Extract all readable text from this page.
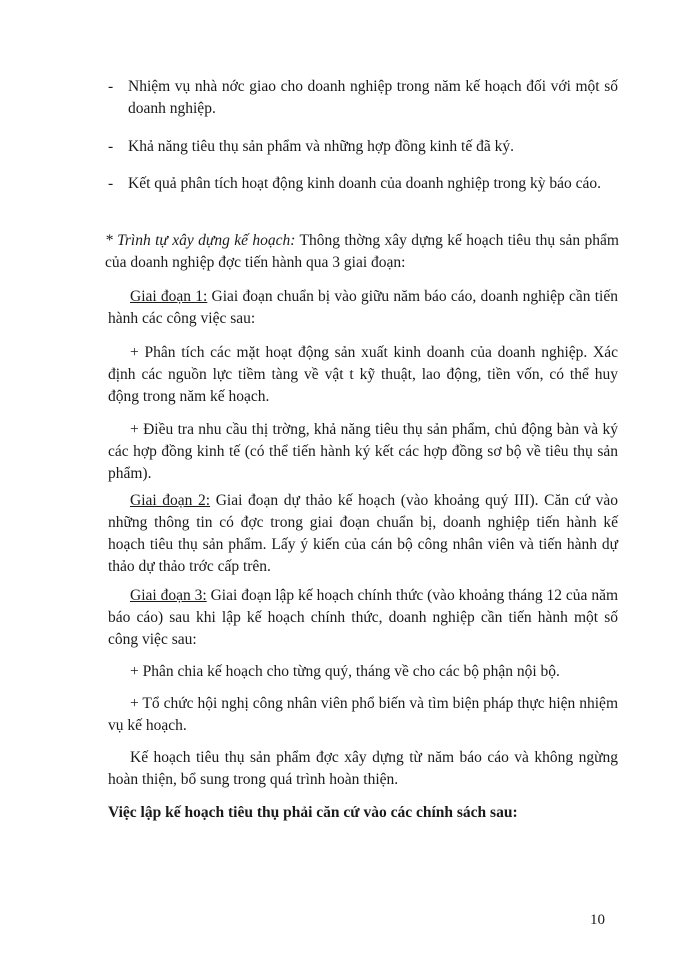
- Nhiệm vụ nhà nớc giao cho doanh nghiệp trong năm kế hoạch đối với một số doanh nghiệp.
- Khả năng tiêu thụ sản phẩm và những hợp đồng kinh tế đã ký.
- Kết quả phân tích hoạt động kinh doanh của doanh nghiệp trong kỳ báo cáo.
* Trình tự xây dựng kế hoạch: Thông thờng xây dựng kế hoạch tiêu thụ sản phẩm của doanh nghiệp đợc tiến hành qua 3 giai đoạn:
Giai đoạn 1: Giai đoạn chuẩn bị vào giữu năm báo cáo, doanh nghiệp cần tiến hành các công việc sau:
+ Phân tích các mặt hoạt động sản xuất kinh doanh của doanh nghiệp. Xác định các nguồn lực tiềm tàng về vật t kỹ thuật, lao động, tiền vốn, có thể huy động trong năm kế hoạch.
+ Điều tra nhu cầu thị trờng, khả năng tiêu thụ sản phẩm, chủ động bàn và ký các hợp đồng kinh tế (có thể tiến hành ký kết các hợp đồng sơ bộ về tiêu thụ sản phẩm).
Giai đoạn 2: Giai đoạn dự thảo kế hoạch (vào khoảng quý III). Căn cứ vào những thông tin có đợc trong giai đoạn chuẩn bị, doanh nghiệp tiến hành kế hoạch tiêu thụ sản phẩm. Lấy ý kiến của cán bộ công nhân viên và tiến hành dự thảo dự thảo trớc cấp trên.
Giai đoạn 3: Giai đoạn lập kế hoạch chính thức (vào khoảng tháng 12 của năm báo cáo) sau khi lập kế hoạch chính thức, doanh nghiệp cần tiến hành một số công việc sau:
+ Phân chia kế hoạch cho từng quý, tháng về cho các bộ phận nội bộ.
+ Tổ chức hội nghị công nhân viên phổ biến và tìm biện pháp thực hiện nhiệm vụ kế hoạch.
Kế hoạch tiêu thụ sản phẩm đợc xây dựng từ năm báo cáo và không ngừng hoàn thiện, bổ sung trong quá trình hoàn thiện.
Việc lập kế hoạch tiêu thụ phải căn cứ vào các chính sách sau:
10
